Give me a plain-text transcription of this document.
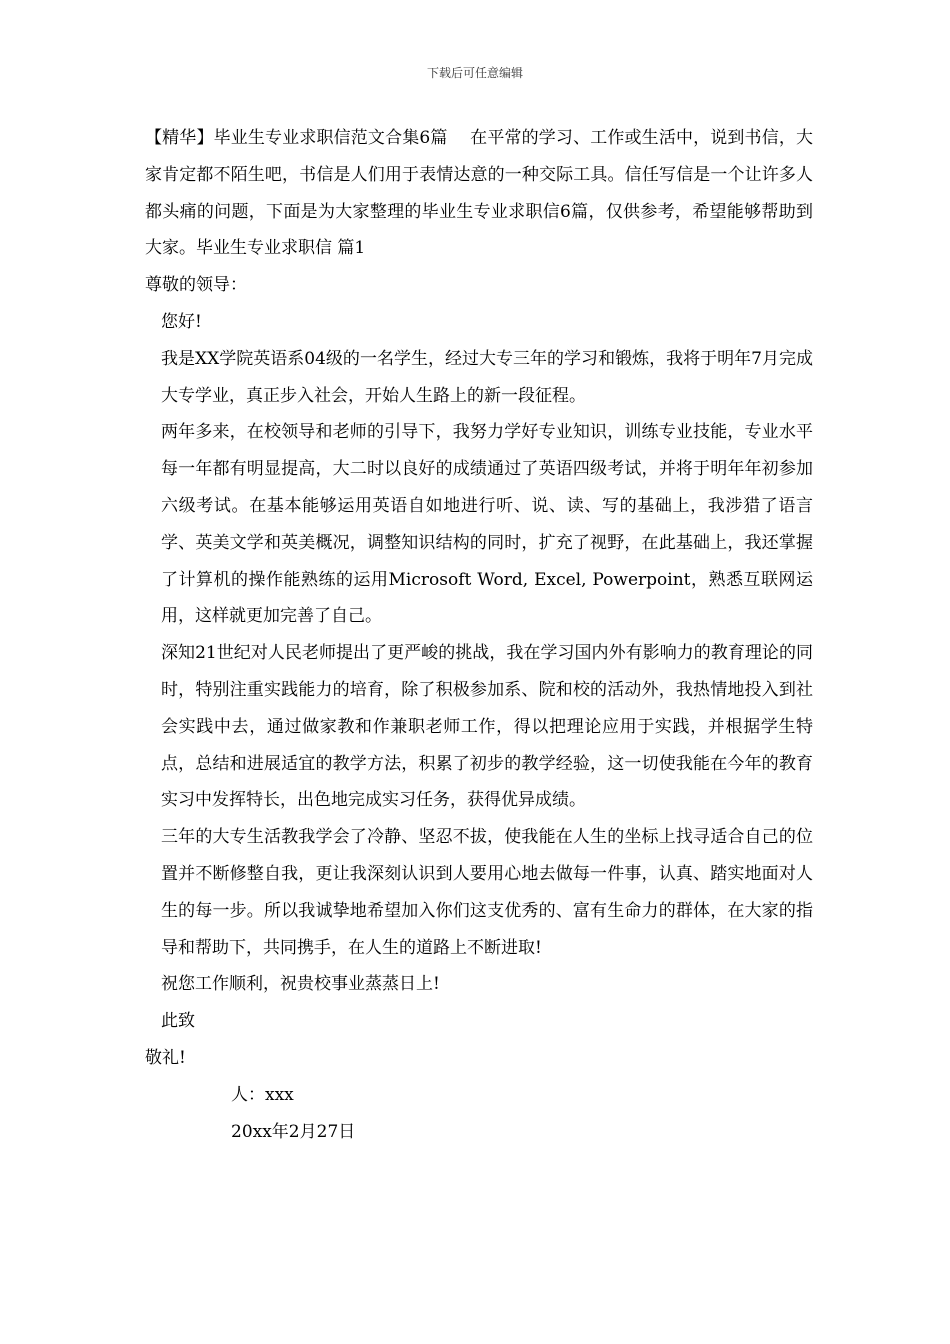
下载后可任意编辑

【精华】毕业生专业求职信范文合集6篇　 在平常的学习、工作或生活中，说到书信，大家肯定都不陌生吧，书信是人们用于表情达意的一种交际工具。信任写信是一个让许多人都头痛的问题，下面是为大家整理的毕业生专业求职信6篇，仅供参考，希望能够帮助到大家。毕业生专业求职信 篇1

尊敬的领导：

您好!

我是XX学院英语系04级的一名学生，经过大专三年的学习和锻炼，我将于明年7月完成大专学业，真正步入社会，开始人生路上的新一段征程。

两年多来，在校领导和老师的引导下，我努力学好专业知识，训练专业技能，专业水平每一年都有明显提高，大二时以良好的成绩通过了英语四级考试，并将于明年年初参加六级考试。在基本能够运用英语自如地进行听、说、读、写的基础上，我涉猎了语言学、英美文学和英美概况，调整知识结构的同时，扩充了视野，在此基础上，我还掌握了计算机的操作能熟练的运用Microsoft Word, Excel, Powerpoint，熟悉互联网运用，这样就更加完善了自己。

深知21世纪对人民老师提出了更严峻的挑战，我在学习国内外有影响力的教育理论的同时，特别注重实践能力的培育，除了积极参加系、院和校的活动外，我热情地投入到社会实践中去，通过做家教和作兼职老师工作，得以把理论应用于实践，并根据学生特点，总结和进展适宜的教学方法，积累了初步的教学经验，这一切使我能在今年的教育实习中发挥特长，出色地完成实习任务，获得优异成绩。

三年的大专生活教我学会了冷静、坚忍不拔，使我能在人生的坐标上找寻适合自己的位置并不断修整自我，更让我深刻认识到人要用心地去做每一件事，认真、踏实地面对人生的每一步。所以我诚挚地希望加入你们这支优秀的、富有生命力的群体，在大家的指导和帮助下，共同携手，在人生的道路上不断进取!

祝您工作顺利，祝贵校事业蒸蒸日上!

此致

敬礼!

人：xxx

20xx年2月27日
